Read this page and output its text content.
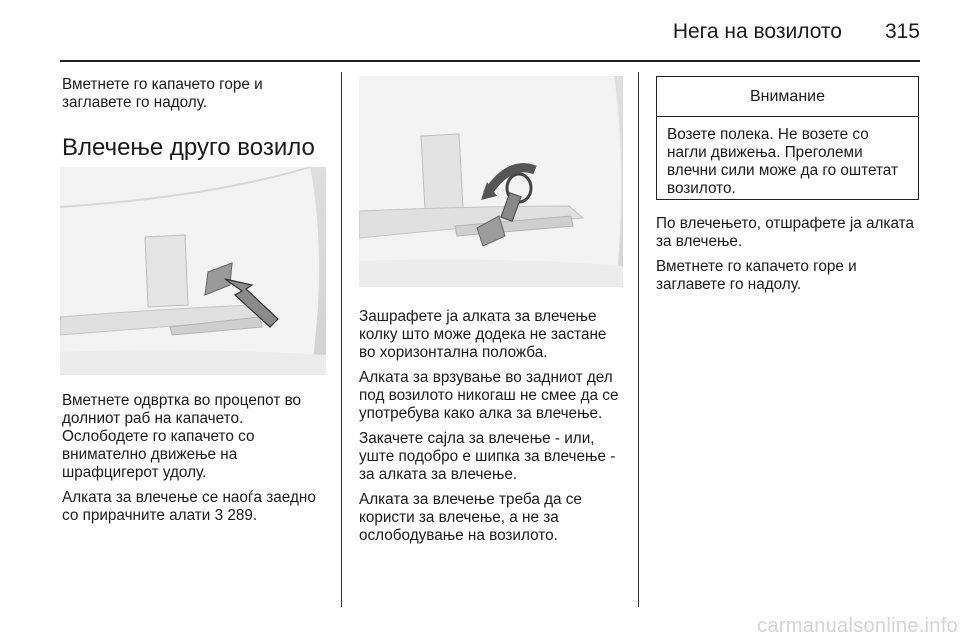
Нега на возилото 315

Вметнете го капачето горе и заглавете го надолу.

Влечење друго возило

Вметнете одвртка во процепот во долниот раб на капачето. Ослободете го капачето со внимателно движење на шрафцигерот удолу.

Алката за влечење се наоѓа заедно со прирачните алати 3 289.

Зашрафете ја алката за влечење колку што може додека не застане во хоризонтална положба.

Алката за врзување во задниот дел под возилото никогаш не смее да се употребува како алка за влечење.

Закачете сајла за влечење - или, уште подобро е шипка за влечење - за алката за влечење.

Алката за влечење треба да се користи за влечење, а не за ослободување на возилото.

Внимание
Возете полека. Не возете со нагли движења. Преголеми влечни сили може да го оштетат возилото.

По влечењето, отшрафете ја алката за влечење.

Вметнете го капачето горе и заглавете го надолу.

carmanualsonline.info
